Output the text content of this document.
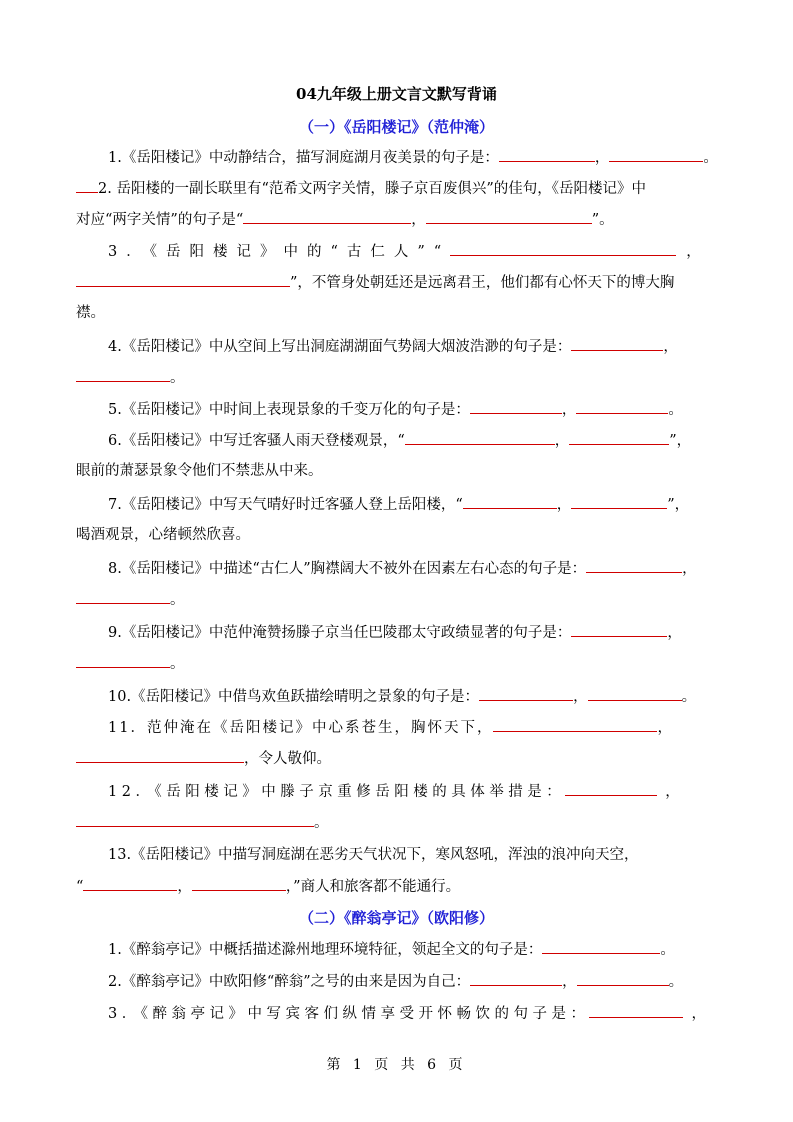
04九年级上册文言文默写背诵
（一）《岳阳楼记》（范仲淹）
1.《岳阳楼记》中动静结合，描写洞庭湖月夜美景的句子是：	，	。
2. 岳阳楼的一副长联里有“范希文两字关情，滕子京百废俱兴”的佳句，《岳阳楼记》中
对应“两字关情”的句子是“	，	”。
3．《岳阳楼记》中的“古仁人”“	，
”，不管身处朝廷还是远离君王，他们都有心怀天下的博大胸
襟。
4.《岳阳楼记》中从空间上写出洞庭湖湖面气势阔大烟波浩渺的句子是：	，
。
5.《岳阳楼记》中时间上表现景象的千变万化的句子是：	，	。
6.《岳阳楼记》中写迁客骚人雨天登楼观景，“	，	”，
眼前的萧瑟景象令他们不禁悲从中来。
7.《岳阳楼记》中写天气晴好时迁客骚人登上岳阳楼，“	，	”，
喝酒观景，心绪顿然欣喜。
8.《岳阳楼记》中描述“古仁人”胸襟阔大不被外在因素左右心态的句子是：	，
。
9.《岳阳楼记》中范仲淹赞扬滕子京当任巴陵郡太守政绩显著的句子是：	，
。
10.《岳阳楼记》中借鸟欢鱼跃描绘晴明之景象的句子是：	，	。
11．范仲淹在《岳阳楼记》中心系苍生，胸怀天下，	，
，令人敬仰。
12．《岳阳楼记》中滕子京重修岳阳楼的具体举措是：	，
。
13.《岳阳楼记》中描写洞庭湖在恶劣天气状况下，寒风怒吼，浑浊的浪冲向天空，
“	，	，”商人和旅客都不能通行。
（二）《醉翁亭记》（欧阳修）
1.《醉翁亭记》中概括描述滁州地理环境特征，领起全文的句子是：	。
2.《醉翁亭记》中欧阳修“醉翁”之号的由来是因为自己：	，	。
3．《醉翁亭记》中写宾客们纵情享受开怀畅饮的句子是：	，
第 1 页 共 6 页
